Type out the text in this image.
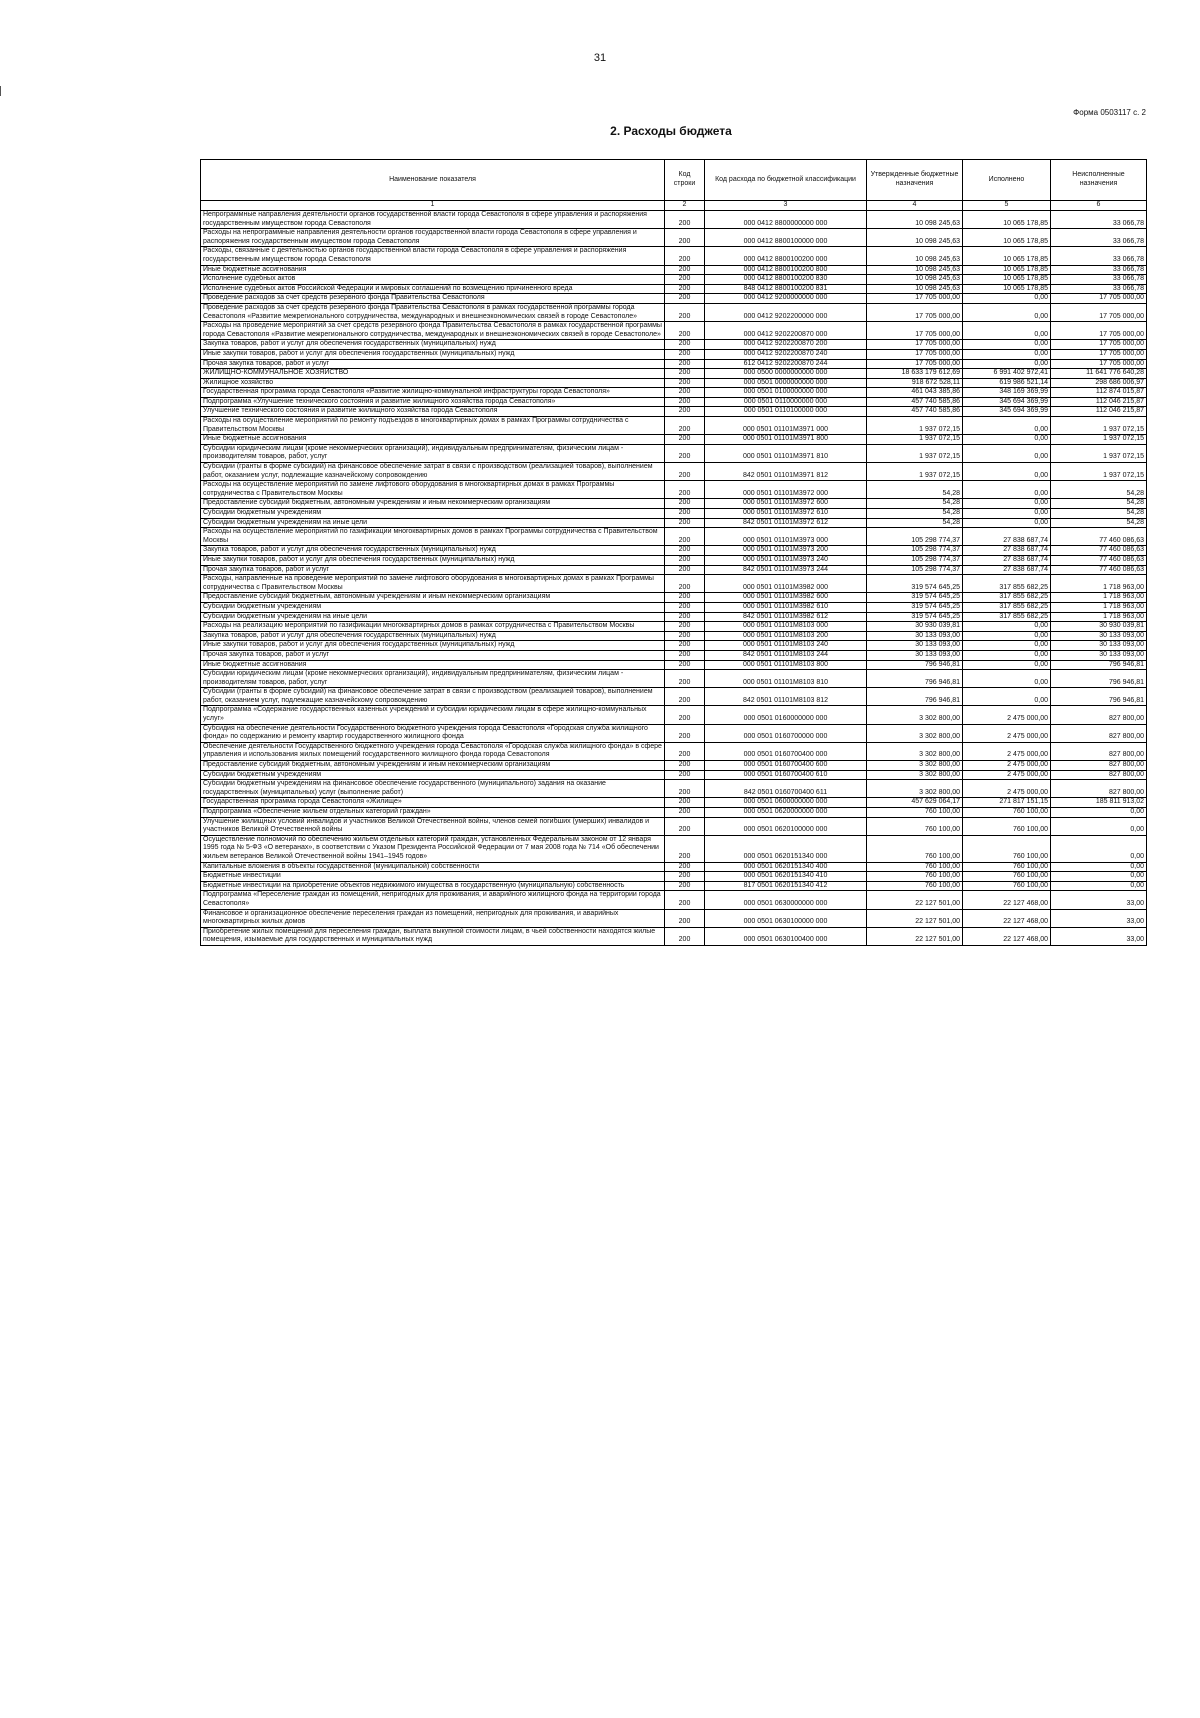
31
Форма 0503117 с. 2
2. Расходы бюджета
Наименование показателя	Код строки	Код расхода по бюджетной классификации	Утвержденные бюджетные назначения	Исполнено	Неисполненные назначения
1	2	3	4	5	6
Непрограммные направления деятельности органов государственной власти города Севастополя в сфере управления и распоряжения государственным имуществом города Севастополя	200	000 0412 8800000000 000	10 098 245,63	10 065 178,85	33 066,78
Расходы на непрограммные направления деятельности органов государственной власти города Севастополя в сфере управления и распоряжения государственным имуществом города Севастополя	200	000 0412 8800100000 000	10 098 245,63	10 065 178,85	33 066,78
Расходы, связанные с деятельностью органов государственной власти города Севастополя в сфере управления и распоряжения государственным имуществом города Севастополя	200	000 0412 8800100200 000	10 098 245,63	10 065 178,85	33 066,78
Иные бюджетные ассигнования	200	000 0412 8800100200 800	10 098 245,63	10 065 178,85	33 066,78
Исполнение судебных актов	200	000 0412 8800100200 830	10 098 245,63	10 065 178,85	33 066,78
Исполнение судебных актов Российской Федерации и мировых соглашений по возмещению причиненного вреда	200	848 0412 8800100200 831	10 098 245,63	10 065 178,85	33 066,78
Проведение расходов за счет средств резервного фонда Правительства Севастополя	200	000 0412 9200000000 000	17 705 000,00	0,00	17 705 000,00
Проведение расходов за счет средств резервного фонда Правительства Севастополя в рамках государственной программы города Севастополя «Развитие межрегионального сотрудничества, международных и внешнеэкономических связей в городе Севастополе»	200	000 0412 9202200000 000	17 705 000,00	0,00	17 705 000,00
Расходы на проведение мероприятий за счет средств резервного фонда Правительства Севастополя в рамках государственной программы города Севастополя «Развитие межрегионального сотрудничества, международных и внешнеэкономических связей в городе Севастополе»	200	000 0412 9202200870 000	17 705 000,00	0,00	17 705 000,00
Закупка товаров, работ и услуг для обеспечения государственных (муниципальных) нужд	200	000 0412 9202200870 200	17 705 000,00	0,00	17 705 000,00
Иные закупки товаров, работ и услуг для обеспечения государственных (муниципальных) нужд	200	000 0412 9202200870 240	17 705 000,00	0,00	17 705 000,00
Прочая закупка товаров, работ и услуг	200	612 0412 9202200870 244	17 705 000,00	0,00	17 705 000,00
ЖИЛИЩНО-КОММУНАЛЬНОЕ ХОЗЯЙСТВО	200	000 0500 0000000000 000	18 633 179 612,69	6 991 402 972,41	11 641 776 640,28
Жилищное хозяйство	200	000 0501 0000000000 000	918 672 528,11	619 986 521,14	298 686 006,97
Государственная программа города Севастополя «Развитие жилищно-коммунальной инфраструктуры города Севастополя»	200	000 0501 0100000000 000	461 043 385,86	348 169 369,99	112 874 015,87
Подпрограмма «Улучшение технического состояния и развитие жилищного хозяйства города Севастополя»	200	000 0501 0110000000 000	457 740 585,86	345 694 369,99	112 046 215,87
Улучшение технического состояния и развитие жилищного хозяйства города Севастополя	200	000 0501 0110100000 000	457 740 585,86	345 694 369,99	112 046 215,87
Расходы на осуществление мероприятий по ремонту подъездов в многоквартирных домах в рамках Программы сотрудничества с Правительством Москвы	200	000 0501 01101М3971 000	1 937 072,15	0,00	1 937 072,15
Иные бюджетные ассигнования	200	000 0501 01101М3971 800	1 937 072,15	0,00	1 937 072,15
Субсидии юридическим лицам (кроме некоммерческих организаций), индивидуальным предпринимателям, физическим лицам - производителям товаров, работ, услуг	200	000 0501 01101М3971 810	1 937 072,15	0,00	1 937 072,15
Субсидии (гранты в форме субсидий) на финансовое обеспечение затрат в связи с производством (реализацией товаров), выполнением работ, оказанием услуг, подлежащие казначейскому сопровождению	200	842 0501 01101М3971 812	1 937 072,15	0,00	1 937 072,15
Расходы на осуществление мероприятий по замене лифтового оборудования в многоквартирных домах в рамках Программы сотрудничества с Правительством Москвы	200	000 0501 01101М3972 000	54,28	0,00	54,28
Предоставление субсидий бюджетным, автономным учреждениям и иным некоммерческим организациям	200	000 0501 01101М3972 600	54,28	0,00	54,28
Субсидии бюджетным учреждениям	200	000 0501 01101М3972 610	54,28	0,00	54,28
Субсидии бюджетным учреждениям на иные цели	200	842 0501 01101М3972 612	54,28	0,00	54,28
Расходы на осуществление мероприятий по газификации многоквартирных домов в рамках Программы сотрудничества с Правительством Москвы	200	000 0501 01101М3973 000	105 298 774,37	27 838 687,74	77 460 086,63
Закупка товаров, работ и услуг для обеспечения государственных (муниципальных) нужд	200	000 0501 01101М3973 200	105 298 774,37	27 838 687,74	77 460 086,63
Иные закупки товаров, работ и услуг для обеспечения государственных (муниципальных) нужд	200	000 0501 01101М3973 240	105 298 774,37	27 838 687,74	77 460 086,63
Прочая закупка товаров, работ и услуг	200	842 0501 01101М3973 244	105 298 774,37	27 838 687,74	77 460 086,63
Расходы, направленные на проведение мероприятий по замене лифтового оборудования в многоквартирных домах в рамках Программы сотрудничества с Правительством Москвы	200	000 0501 01101М3982 000	319 574 645,25	317 855 682,25	1 718 963,00
Предоставление субсидий бюджетным, автономным учреждениям и иным некоммерческим организациям	200	000 0501 01101М3982 600	319 574 645,25	317 855 682,25	1 718 963,00
Субсидии бюджетным учреждениям	200	000 0501 01101М3982 610	319 574 645,25	317 855 682,25	1 718 963,00
Субсидии бюджетным учреждениям на иные цели	200	842 0501 01101М3982 612	319 574 645,25	317 855 682,25	1 718 963,00
Расходы на реализацию мероприятий по газификации многоквартирных домов в рамках сотрудничества с Правительством Москвы	200	000 0501 01101М8103 000	30 930 039,81	0,00	30 930 039,81
Закупка товаров, работ и услуг для обеспечения государственных (муниципальных) нужд	200	000 0501 01101М8103 200	30 133 093,00	0,00	30 133 093,00
Иные закупки товаров, работ и услуг для обеспечения государственных (муниципальных) нужд	200	000 0501 01101М8103 240	30 133 093,00	0,00	30 133 093,00
Прочая закупка товаров, работ и услуг	200	842 0501 01101М8103 244	30 133 093,00	0,00	30 133 093,00
Иные бюджетные ассигнования	200	000 0501 01101М8103 800	796 946,81	0,00	796 946,81
Субсидии юридическим лицам (кроме некоммерческих организаций), индивидуальным предпринимателям, физическим лицам - производителям товаров, работ, услуг	200	000 0501 01101М8103 810	796 946,81	0,00	796 946,81
Субсидии (гранты в форме субсидий) на финансовое обеспечение затрат в связи с производством (реализацией товаров), выполнением работ, оказанием услуг, подлежащие казначейскому сопровождению	200	842 0501 01101М8103 812	796 946,81	0,00	796 946,81
Подпрограмма «Содержание государственных казенных учреждений и субсидии юридическим лицам в сфере жилищно-коммунальных услуг»	200	000 0501 0160000000 000	3 302 800,00	2 475 000,00	827 800,00
Субсидия на обеспечение деятельности Государственного бюджетного учреждения города Севастополя «Городская служба жилищного фонда» по содержанию и ремонту квартир государственного жилищного фонда	200	000 0501 0160700000 000	3 302 800,00	2 475 000,00	827 800,00
Обеспечение деятельности Государственного бюджетного учреждения города Севастополя «Городская служба жилищного фонда» в сфере управления и использования жилых помещений государственного жилищного фонда города Севастополя	200	000 0501 0160700400 000	3 302 800,00	2 475 000,00	827 800,00
Предоставление субсидий бюджетным, автономным учреждениям и иным некоммерческим организациям	200	000 0501 0160700400 600	3 302 800,00	2 475 000,00	827 800,00
Субсидии бюджетным учреждениям	200	000 0501 0160700400 610	3 302 800,00	2 475 000,00	827 800,00
Субсидии бюджетным учреждениям на финансовое обеспечение государственного (муниципального) задания на оказание государственных (муниципальных) услуг (выполнение работ)	200	842 0501 0160700400 611	3 302 800,00	2 475 000,00	827 800,00
Государственная программа города Севастополя «Жилище»	200	000 0501 0600000000 000	457 629 064,17	271 817 151,15	185 811 913,02
Подпрограмма «Обеспечение жильем отдельных категорий граждан»	200	000 0501 0620000000 000	760 100,00	760 100,00	0,00
Улучшение жилищных условий инвалидов и участников Великой Отечественной войны, членов семей погибших (умерших) инвалидов и участников Великой Отечественной войны	200	000 0501 0620100000 000	760 100,00	760 100,00	0,00
Осуществление полномочий по обеспечению жильем отдельных категорий граждан, установленных Федеральным законом от 12 января 1995 года № 5-ФЗ «О ветеранах», в соответствии с Указом Президента Российской Федерации от 7 мая 2008 года № 714 «Об обеспечении жильем ветеранов Великой Отечественной войны 1941–1945 годов»	200	000 0501 0620151340 000	760 100,00	760 100,00	0,00
Капитальные вложения в объекты государственной (муниципальной) собственности	200	000 0501 0620151340 400	760 100,00	760 100,00	0,00
Бюджетные инвестиции	200	000 0501 0620151340 410	760 100,00	760 100,00	0,00
Бюджетные инвестиции на приобретение объектов недвижимого имущества в государственную (муниципальную) собственность	200	817 0501 0620151340 412	760 100,00	760 100,00	0,00
Подпрограмма «Переселение граждан из помещений, непригодных для проживания, и аварийного жилищного фонда на территории города Севастополя»	200	000 0501 0630000000 000	22 127 501,00	22 127 468,00	33,00
Финансовое и организационное обеспечение переселения граждан из помещений, непригодных для проживания, и аварийных многоквартирных жилых домов	200	000 0501 0630100000 000	22 127 501,00	22 127 468,00	33,00
Приобретение жилых помещений для переселения граждан, выплата выкупной стоимости лицам, в чьей собственности находятся жилые помещения, изымаемые для государственных и муниципальных нужд	200	000 0501 0630100400 000	22 127 501,00	22 127 468,00	33,00
